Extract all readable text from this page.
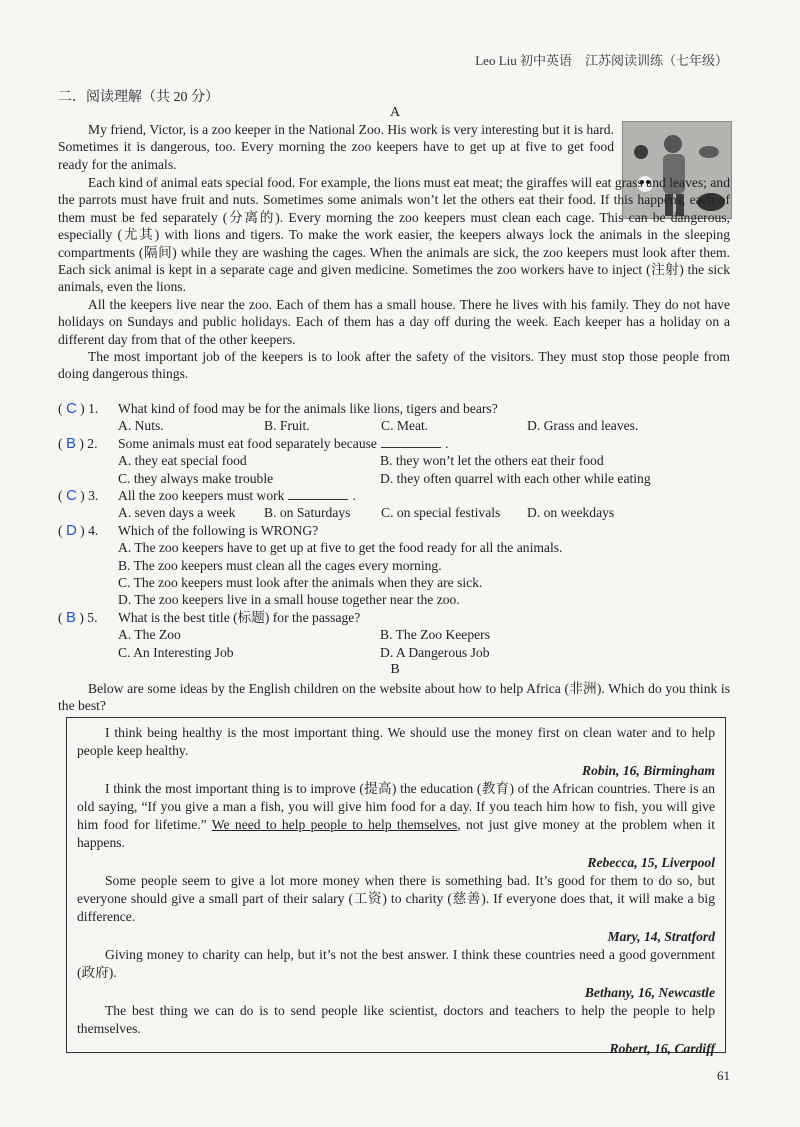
Leo Liu 初中英语　江苏阅读训练（七年级）
二．阅读理解（共 20 分）
A

My friend, Victor, is a zoo keeper in the National Zoo. His work is very interesting but it is hard. Sometimes it is dangerous, too. Every morning the zoo keepers have to get up at five to get food ready for the animals.

Each kind of animal eats special food. For example, the lions must eat meat; the giraffes will eat grass and leaves; and the parrots must have fruit and nuts. Sometimes some animals won’t let the others eat their food. If this happens, each of them must be fed separately (分离的). Every morning the zoo keepers must clean each cage. This can be dangerous, especially (尤其) with lions and tigers. To make the work easier, the keepers always lock the animals in the sleeping compartments (隔间) while they are washing the cages. When the animals are sick, the zoo keepers must look after them. Each sick animal is kept in a separate cage and given medicine. Sometimes the zoo workers have to inject (注射) the sick animals, even the lions.

All the keepers live near the zoo. Each of them has a small house. There he lives with his family. They do not have holidays on Sundays and public holidays. Each of them has a day off during the week. Each keeper has a holiday on a different day from that of the other keepers.

The most important job of the keepers is to look after the safety of the visitors. They must stop those people from doing dangerous things.

( C ) 1.	What kind of food may be for the animals like lions, tigers and bears?
A. Nuts.	B. Fruit.	C. Meat.	D. Grass and leaves.
( B ) 2.	Some animals must eat food separately because	.
A. they eat special food	B. they won’t let the others eat their food
C. they always make trouble	D. they often quarrel with each other while eating
( C ) 3.	All the zoo keepers must work	.
A. seven days a week	B. on Saturdays	C. on special festivals	D. on weekdays
( D ) 4.	Which of the following is WRONG?
A. The zoo keepers have to get up at five to get the food ready for all the animals.
B. The zoo keepers must clean all the cages every morning.
C. The zoo keepers must look after the animals when they are sick.
D. The zoo keepers live in a small house together near the zoo.
( B ) 5.	What is the best title (标题) for the passage?
A. The Zoo	B. The Zoo Keepers
C. An Interesting Job	D. A Dangerous Job
B

Below are some ideas by the English children on the website about how to help Africa (非洲). Which do you think is the best?

I think being healthy is the most important thing. We should use the money first on clean water and to help people keep healthy.

Robin, 16, Birmingham

I think the most important thing is to improve (提高) the education (教育) of the African countries. There is an old saying, “If you give a man a fish, you will give him food for a day. If you teach him how to fish, you will give him food for lifetime.” We need to help people to help themselves, not just give money at the problem when it happens.

Rebecca, 15, Liverpool

Some people seem to give a lot more money when there is something bad. It’s good for them to do so, but everyone should give a small part of their salary (工资) to charity (慈善). If everyone does that, it will make a big difference.

Mary, 14, Stratford

Giving money to charity can help, but it’s not the best answer. I think these countries need a good government (政府).

Bethany, 16, Newcastle

The best thing we can do is to send people like scientist, doctors and teachers to help the people to help themselves.

Robert, 16, Cardiff

61
